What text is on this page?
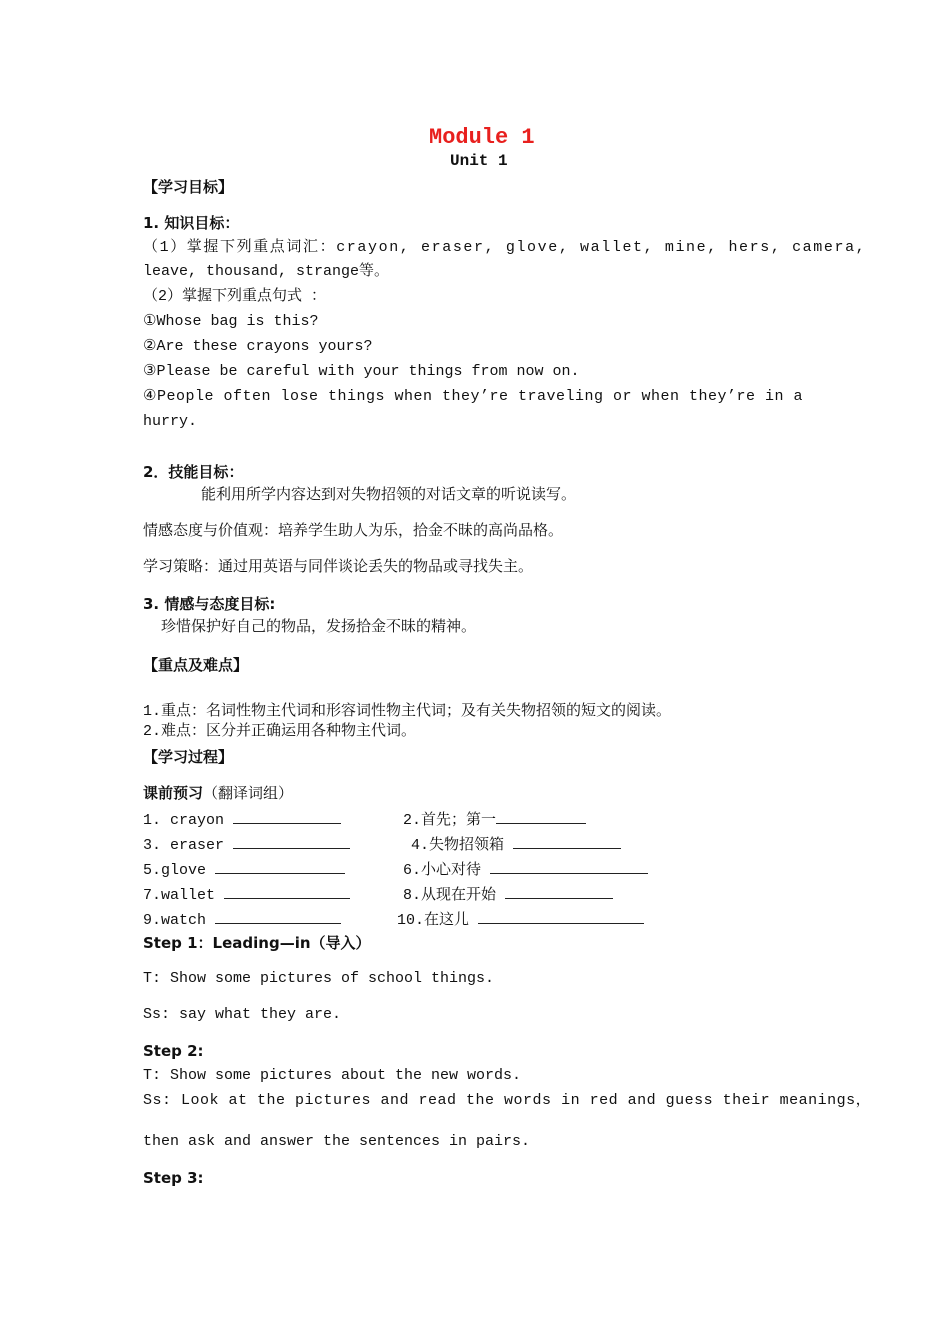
Module 1
Unit 1
【学习目标】
1. 知识目标：
（1）掌握下列重点词汇：crayon, eraser, glove, wallet, mine, hers, camera,
leave, thousand, strange等。
（2）掌握下列重点句式 ：
①Whose bag is this?
②Are these crayons yours?
③Please be careful with your things from now on.
④People often lose things when they’re traveling or when they’re in a
hurry.
2．技能目标：
能利用所学内容达到对失物招领的对话文章的听说读写。
情感态度与价值观：培养学生助人为乐，拾金不昧的高尚品格。
学习策略：通过用英语与同伴谈论丢失的物品或寻找失主。
3. 情感与态度目标:
珍惜保护好自己的物品，发扬拾金不昧的精神。
【重点及难点】
1.重点：名词性物主代词和形容词性物主代词；及有关失物招领的短文的阅读。
2.难点：区分并正确运用各种物主代词。
【学习过程】
课前预习（翻译词组）
1. crayon	2.首先；第一
3. eraser	4.失物招领箱
5.glove	6.小心对待
7.wallet	8.从现在开始
9.watch	10.在这儿
Step 1：Leading—in（导入）
T: Show some pictures of school things.
Ss: say what they are.
Step 2:
T: Show some pictures about the new words.
Ss: Look at the pictures and read the words in red and guess their meanings，
then ask and answer the sentences in pairs.
Step 3:
